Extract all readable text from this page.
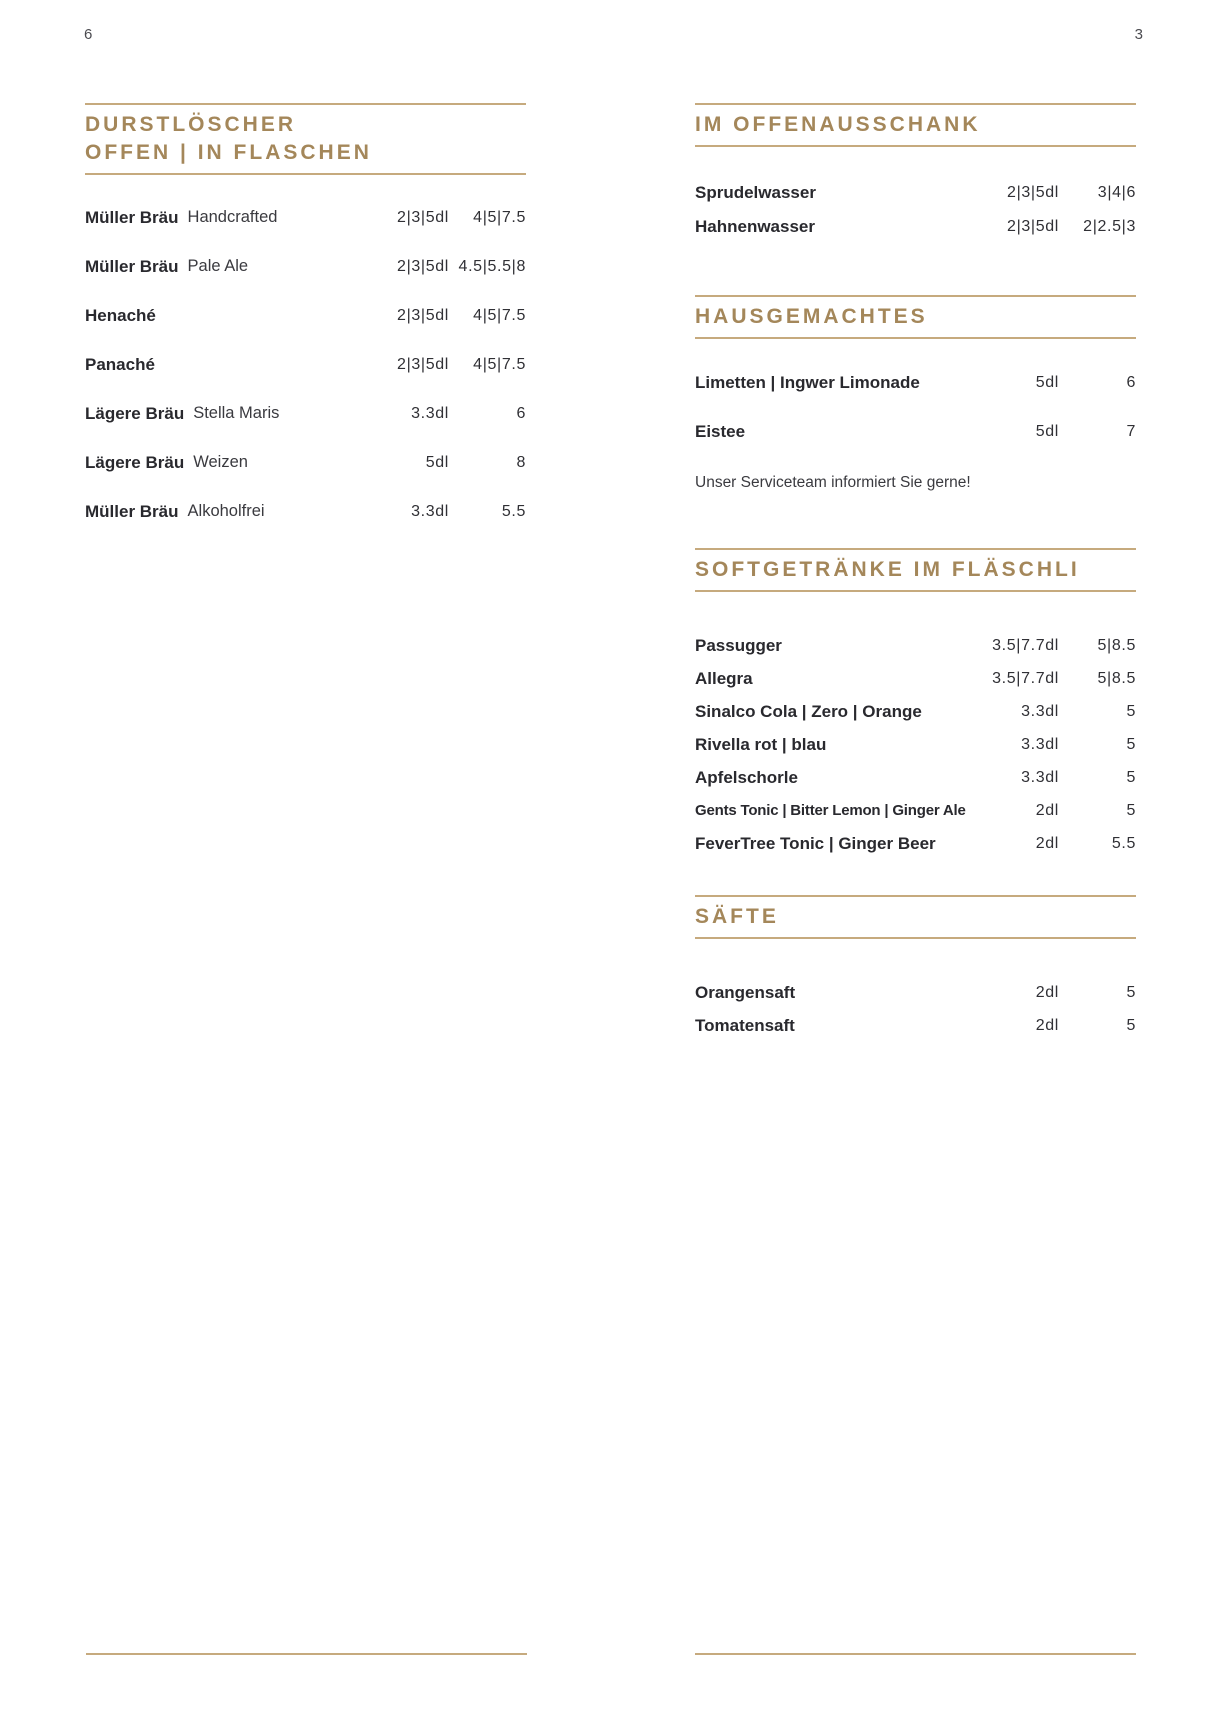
6	3
DURSTLÖSCHER
OFFEN | IN FLASCHEN
Müller Bräu Handcrafted	2|3|5dl 4|5|7.5
Müller Bräu Pale Ale	2|3|5dl 4.5|5.5|8
Henaché	2|3|5dl 4|5|7.5
Panaché	2|3|5dl 4|5|7.5
Lägere Bräu Stella Maris	3.3dl	6
Lägere Bräu Weizen	5dl	8
Müller Bräu Alkoholfrei	3.3dl	5.5
IM OFFENAUSSCHANK
Sprudelwasser	2|3|5dl 3|4|6
Hahnenwasser	2|3|5dl 2|2.5|3
HAUSGEMACHTES
Limetten | Ingwer Limonade	5dl	6
Eistee	5dl	7
Unser Serviceteam informiert Sie gerne!
SOFTGETRÄNKE IM FLÄSCHLI
Passugger	3.5|7.7dl 5|8.5
Allegra	3.5|7.7dl 5|8.5
Sinalco Cola | Zero | Orange	3.3dl	5
Rivella rot | blau	3.3dl	5
Apfelschorle	3.3dl	5
Gents Tonic | Bitter Lemon | Ginger Ale	2dl	5
FeverTree Tonic | Ginger Beer	2dl	5.5
SÄFTE
Orangensaft	2dl	5
Tomatensaft	2dl	5
